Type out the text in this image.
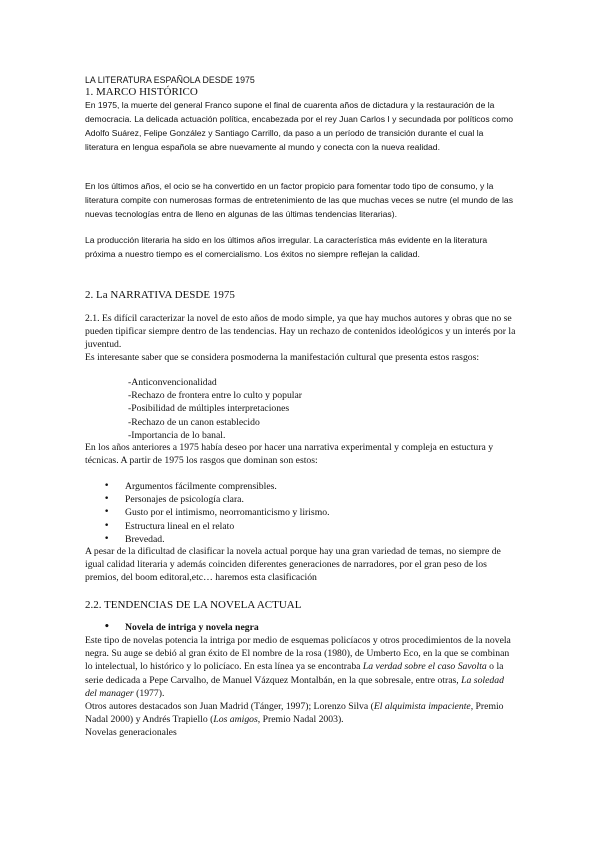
LA LITERATURA ESPAÑOLA DESDE 1975
1. MARCO HISTÓRICO

En 1975, la muerte del general Franco supone el final de cuarenta años de dictadura y la restauración de la democracia. La delicada actuación política, encabezada por el rey Juan Carlos I y secundada por políticos como Adolfo Suárez, Felipe González y Santiago Carrillo, da paso a un período de transición durante el cual la literatura en lengua española se abre nuevamente al mundo y conecta con la nueva realidad.

En los últimos años, el ocio se ha convertido en un factor propicio para fomentar todo tipo de consumo, y la literatura compite con numerosas formas de entretenimiento de las que muchas veces se nutre (el mundo de las nuevas tecnologías entra de lleno en algunas de las últimas tendencias literarias).

La producción literaria ha sido en los últimos años irregular. La característica más evidente en la literatura próxima a nuestro tiempo es el comercialismo. Los éxitos no siempre reflejan la calidad.

2. La NARRATIVA DESDE 1975

2.1. Es difícil caracterizar la novel de esto años de modo simple, ya que hay muchos autores y obras que no se pueden tipificar siempre dentro de las tendencias. Hay un rechazo de contenidos ideológicos y un interés por la juventud.

Es interesante saber que se considera posmoderna la manifestación cultural que presenta estos rasgos:

-Anticonvencionalidad
-Rechazo de frontera entre lo culto y popular
-Posibilidad de múltiples interpretaciones
-Rechazo de un canon establecido
-Importancia de lo banal.

En los años anteriores a 1975 había deseo por hacer una narrativa experimental y compleja en estuctura y técnicas. A partir de 1975 los rasgos que dominan son estos:

• Argumentos fácilmente comprensibles.
• Personajes de psicología clara.
• Gusto por el intimismo, neorromanticismo y lirismo.
• Estructura lineal en el relato
• Brevedad.

A pesar de la dificultad de clasificar la novela actual porque hay una gran variedad de temas, no siempre de igual calidad literaria y además coinciden diferentes generaciones de narradores, por el gran peso de los premios, del boom editoral,etc… haremos esta clasificación

2.2. TENDENCIAS DE LA NOVELA ACTUAL
• Novela de intriga y novela negra

Este tipo de novelas potencia la intriga por medio de esquemas policíacos y otros procedimientos de la novela negra. Su auge se debió al gran éxito de El nombre de la rosa (1980), de Umberto Eco, en la que se combinan lo intelectual, lo histórico y lo policíaco. En esta línea ya se encontraba La verdad sobre el caso Savolta o la serie dedicada a Pepe Carvalho, de Manuel Vázquez Montalbán, en la que sobresale, entre otras, La soledad del manager (1977).

Otros autores destacados son Juan Madrid (Tánger, 1997); Lorenzo Silva (El alquimista impaciente, Premio Nadal 2000) y Andrés Trapiello (Los amigos, Premio Nadal 2003).

Novelas generacionales
